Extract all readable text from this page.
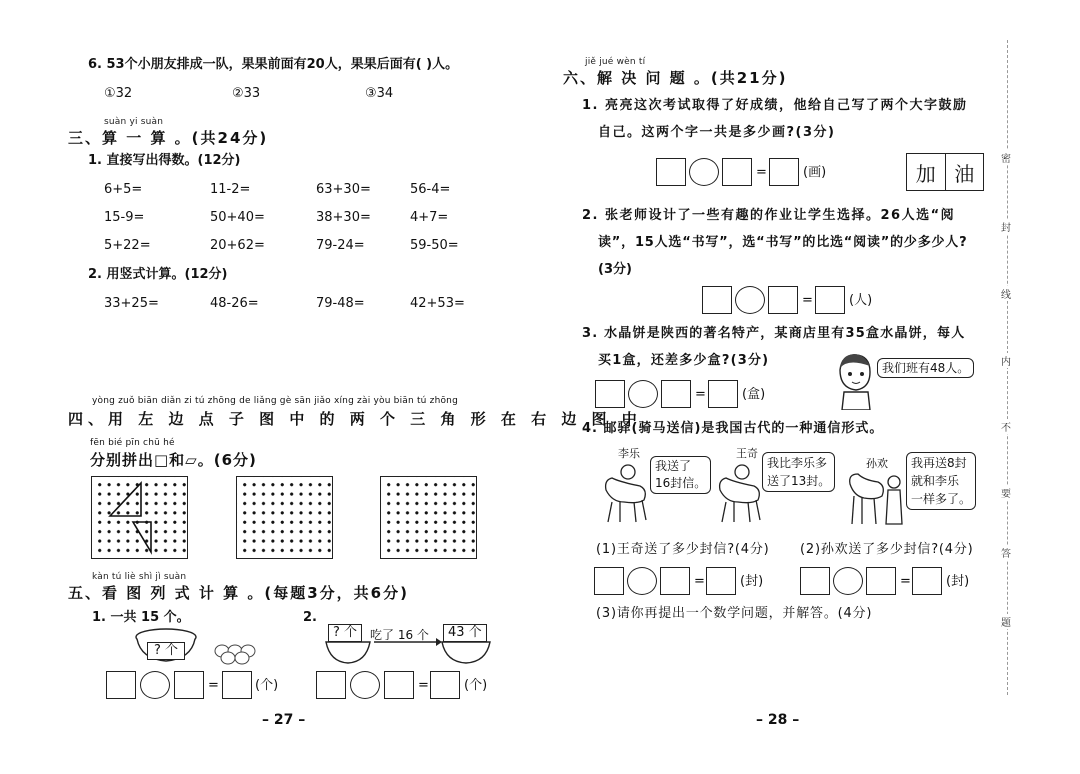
6. 53个小朋友排成一队，果果前面有20人，果果后面有( )人。
①32	②33	③34
suàn yi suàn
三、算 一 算 。(共24分)
1. 直接写出得数。(12分)
6+5=	11-2=	63+30=	56-4=
15-9=	50+40=	38+30=	4+7=
5+22=	20+62=	79-24=	59-50=
2. 用竖式计算。(12分)
33+25=	48-26=	79-48=	42+53=
yòng zuǒ biān diǎn zi tú zhōng de liǎng gè sān jiǎo xíng zài yòu biān tú zhōng
四、用 左 边 点 子 图 中 的 两 个 三 角 形 在 右 边 图 中
fēn bié pīn chū hé
分别拼出□和▱。(6分)
kàn tú liè shì jì suàn
五、看 图 列 式 计 算 。(每题3分，共6分)
1. 一共 15 个。	2.
? 个
=	(个)
? 个	吃了 16 个	43 个
=	(个)
– 27 –
jiě jué wèn tí
六、解 决 问 题 。(共21分)
1. 亮亮这次考试取得了好成绩，他给自己写了两个大字鼓励
自己。这两个字一共是多少画?(3分)
=	(画)	加 油
2. 张老师设计了一些有趣的作业让学生选择。26人选“阅
读”，15人选“书写”，选“书写”的比选“阅读”的少多少人?
(3分)
=	(人)
3. 水晶饼是陕西的著名特产，某商店里有35盒水晶饼，每人
买1盒，还差多少盒?(3分)
=	(盒)
我们班有48人。
4. 邮驿(骑马送信)是我国古代的一种通信形式。
李乐
我送了
16封信。
王奇
我比李乐多
送了13封。
孙欢 我再送8封
就和李乐
一样多了。
(1)王奇送了多少封信?(4分) (2)孙欢送了多少封信?(4分)
=	(封)	=	(封)
(3)请你再提出一个数学问题，并解答。(4分)
– 28 –
密
封
线
内
不
要
答
题
